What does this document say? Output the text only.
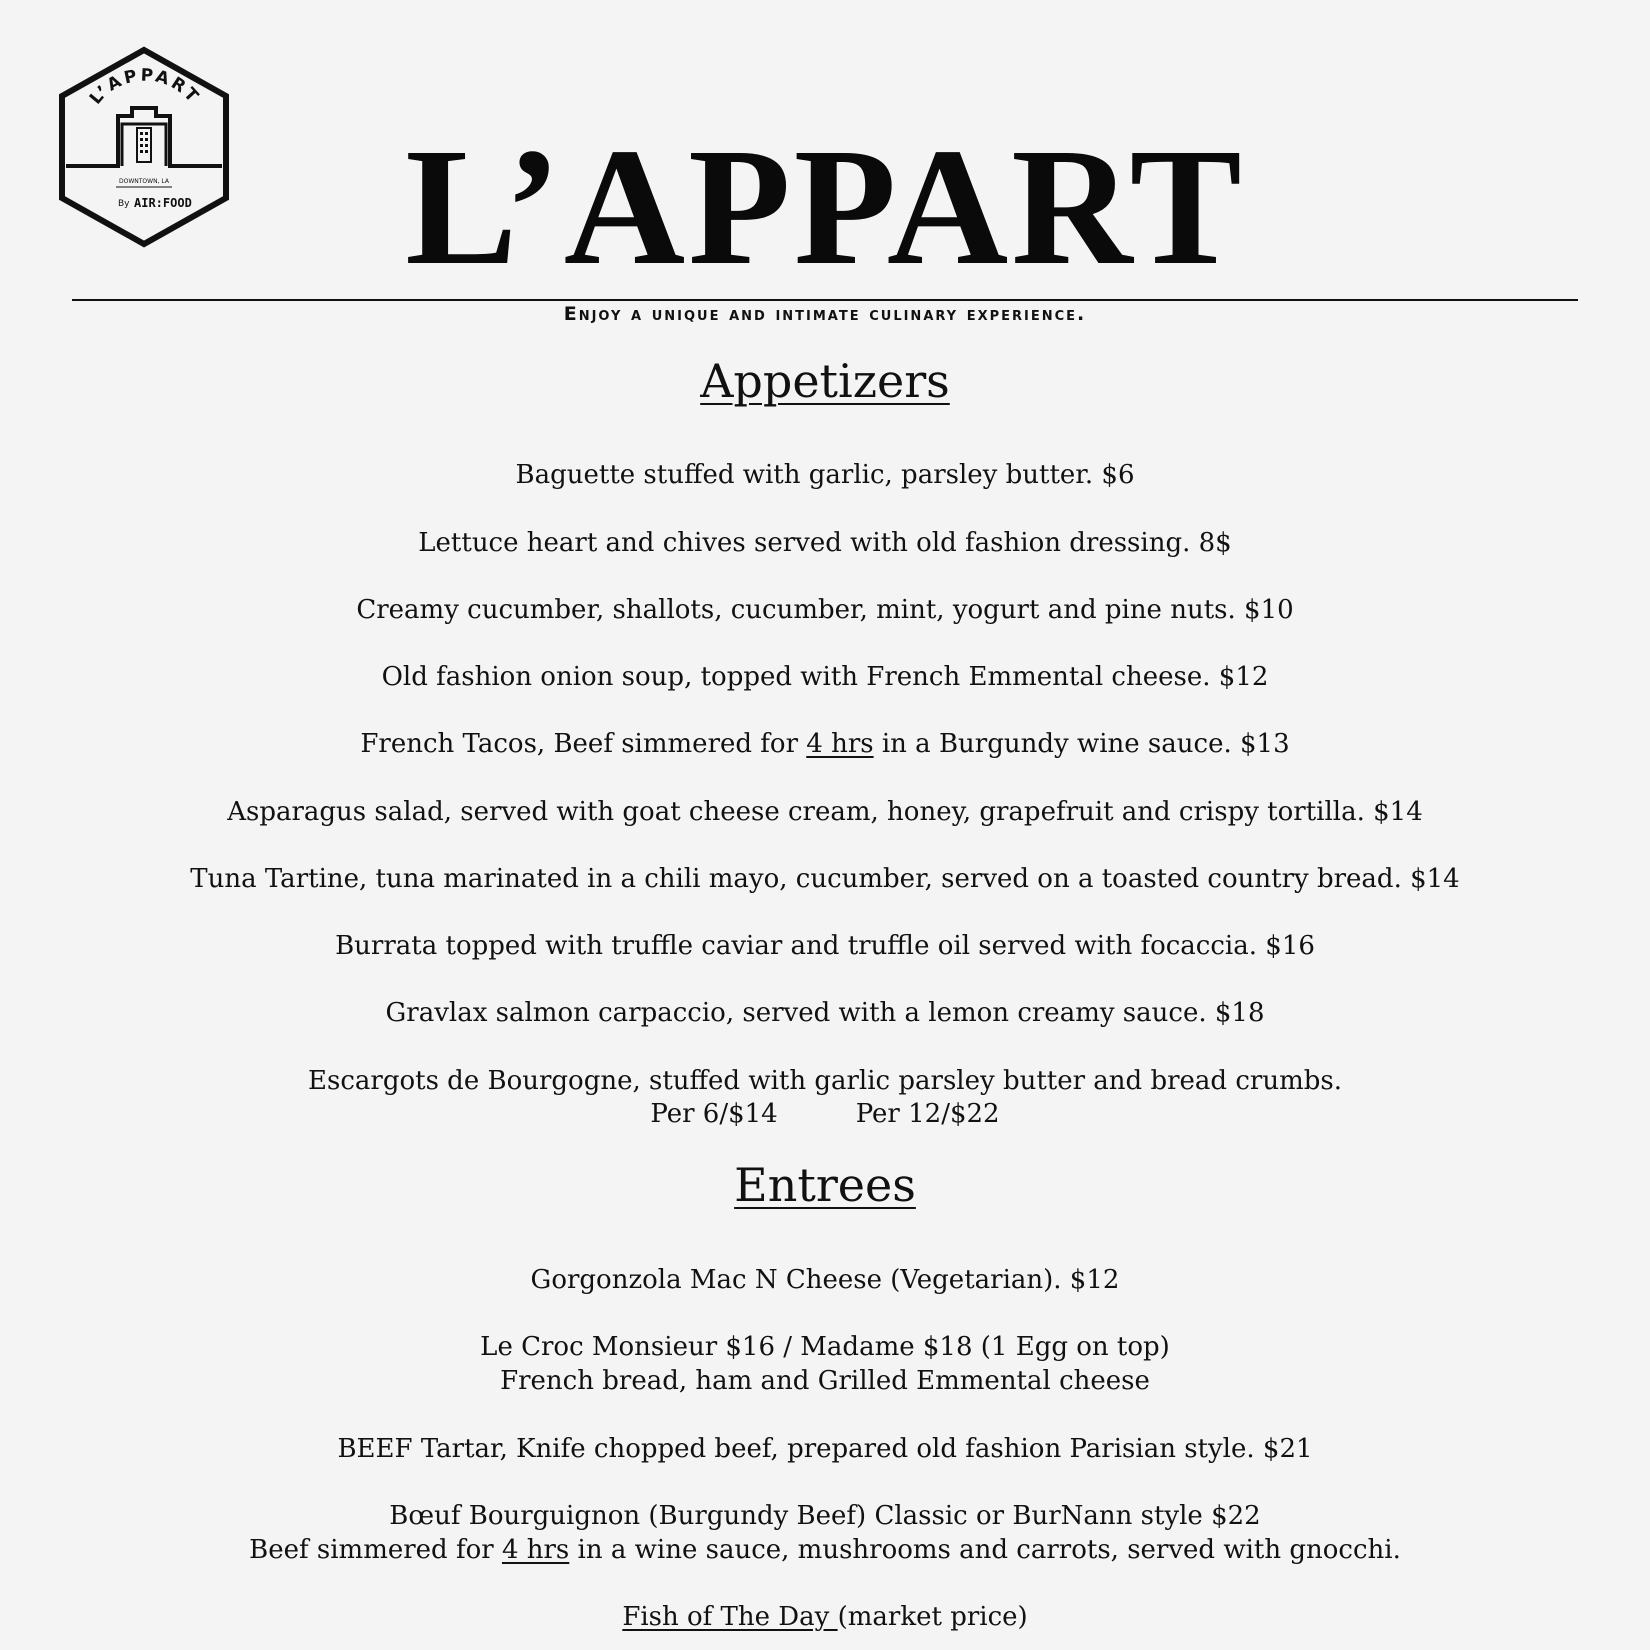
L’APPART
DOWNTOWN, LA
By AIR:FOOD	L’APPART
Enjoy a unique and intimate culinary experience.
Appetizers
Baguette stuffed with garlic, parsley butter. $6
Lettuce heart and chives served with old fashion dressing. 8$
Creamy cucumber, shallots, cucumber, mint, yogurt and pine nuts. $10
Old fashion onion soup, topped with French Emmental cheese. $12
French Tacos, Beef simmered for 4 hrs in a Burgundy wine sauce. $13
Asparagus salad, served with goat cheese cream, honey, grapefruit and crispy tortilla. $14
Tuna Tartine, tuna marinated in a chili mayo, cucumber, served on a toasted country bread. $14
Burrata topped with truffle caviar and truffle oil served with focaccia. $16
Gravlax salmon carpaccio, served with a lemon creamy sauce. $18
Escargots de Bourgogne, stuffed with garlic parsley butter and bread crumbs.
Per 6/$14	Per 12/$22
Entrees
Gorgonzola Mac N Cheese (Vegetarian). $12
Le Croc Monsieur $16 / Madame $18 (1 Egg on top)
French bread, ham and Grilled Emmental cheese
BEEF Tartar, Knife chopped beef, prepared old fashion Parisian style. $21
Bœuf Bourguignon (Burgundy Beef) Classic or BurNann style $22
Beef simmered for 4 hrs in a wine sauce, mushrooms and carrots, served with gnocchi.
Fish of The Day (market price)
